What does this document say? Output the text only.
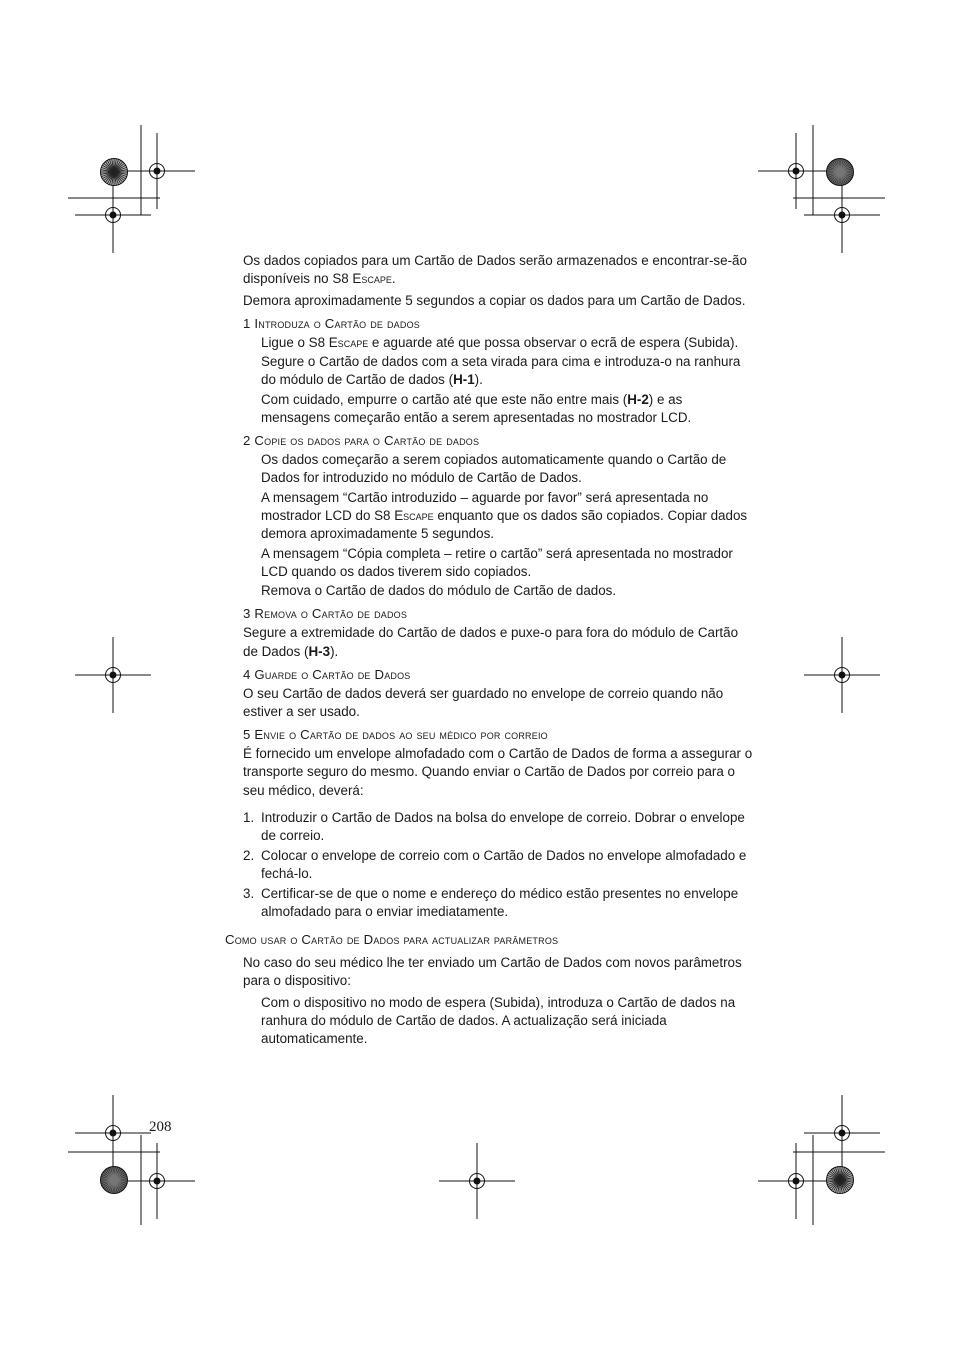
Os dados copiados para um Cartão de Dados serão armazenados e encontrar-se-ão disponíveis no S8 Escape.

Demora aproximadamente 5 segundos a copiar os dados para um Cartão de Dados.

1 Introduza o Cartão de dados

Ligue o S8 Escape e aguarde até que possa observar o ecrã de espera (Subida).

Segure o Cartão de dados com a seta virada para cima e introduza-o na ranhura do módulo de Cartão de dados (H-1).

Com cuidado, empurre o cartão até que este não entre mais (H-2) e as mensagens começarão então a serem apresentadas no mostrador LCD.

2 Copie os dados para o Cartão de dados

Os dados começarão a serem copiados automaticamente quando o Cartão de Dados for introduzido no módulo de Cartão de Dados.

A mensagem “Cartão introduzido – aguarde por favor” será apresentada no mostrador LCD do S8 Escape enquanto que os dados são copiados. Copiar dados demora aproximadamente 5 segundos.

A mensagem “Cópia completa – retire o cartão” será apresentada no mostrador LCD quando os dados tiverem sido copiados.

Remova o Cartão de dados do módulo de Cartão de dados.

3 Remova o Cartão de dados

Segure a extremidade do Cartão de dados e puxe-o para fora do módulo de Cartão de Dados (H-3).

4 Guarde o Cartão de Dados

O seu Cartão de dados deverá ser guardado no envelope de correio quando não estiver a ser usado.

5 Envie o Cartão de dados ao seu médico por correio

É fornecido um envelope almofadado com o Cartão de Dados de forma a assegurar o transporte seguro do mesmo. Quando enviar o Cartão de Dados por correio para o seu médico, deverá:

1. Introduzir o Cartão de Dados na bolsa do envelope de correio. Dobrar o envelope de correio.
2. Colocar o envelope de correio com o Cartão de Dados no envelope almofadado e fechá-lo.
3. Certificar-se de que o nome e endereço do médico estão presentes no envelope almofadado para o enviar imediatamente.
Como usar o Cartão de Dados para actualizar parâmetros

No caso do seu médico lhe ter enviado um Cartão de Dados com novos parâmetros para o dispositivo:

Com o dispositivo no modo de espera (Subida), introduza o Cartão de dados na ranhura do módulo de Cartão de dados. A actualização será iniciada automaticamente.

208
